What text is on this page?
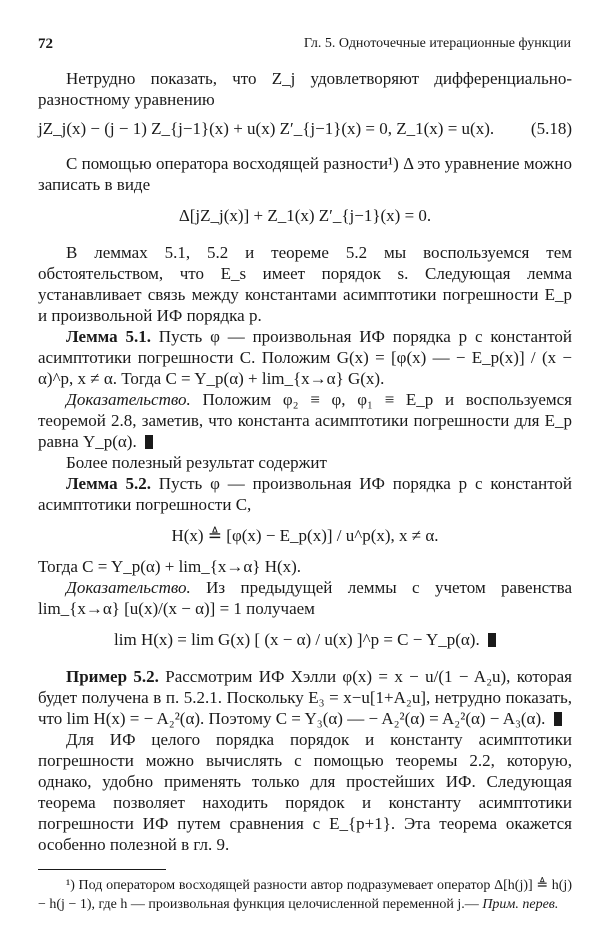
72	Гл. 5. Одноточечные итерационные функции

Нетрудно показать, что Z_j удовлетворяют дифференциально-разностному уравнению

jZ_j(x) − (j − 1) Z_{j−1}(x) + u(x) Z′_{j−1}(x) = 0, Z_1(x) = u(x). (5.18)

С помощью оператора восходящей разности¹) Δ это уравнение можно записать в виде

Δ[jZ_j(x)] + Z_1(x) Z′_{j−1}(x) = 0.

В леммах 5.1, 5.2 и теореме 5.2 мы воспользуемся тем обстоятельством, что E_s имеет порядок s. Следующая лемма устанавливает связь между константами асимптотики погрешности E_p и произвольной ИФ порядка p.

Лемма 5.1. Пусть φ — произвольная ИФ порядка p с константой асимптотики погрешности C. Положим G(x) = [φ(x) — − E_p(x)] / (x − α)^p, x ≠ α. Тогда C = Y_p(α) + lim_{x→α} G(x).

Доказательство. Положим φ₂ ≡ φ, φ₁ ≡ E_p и воспользуемся теоремой 2.8, заметив, что константа асимптотики погрешности для E_p равна Y_p(α).

Более полезный результат содержит

Лемма 5.2. Пусть φ — произвольная ИФ порядка p с константой асимптотики погрешности C,

H(x) ≜ [φ(x) − E_p(x)] / u^p(x), x ≠ α.

Тогда C = Y_p(α) + lim_{x→α} H(x).

Доказательство. Из предыдущей леммы с учетом равенства lim_{x→α} [u(x)/(x − α)] = 1 получаем

lim H(x) = lim G(x) [ (x − α) / u(x) ]^p = C − Y_p(α).

Пример 5.2. Рассмотрим ИФ Хэлли φ(x) = x − u/(1 − A₂u), которая будет получена в п. 5.2.1. Поскольку E₃ = x−u[1+A₂u], нетрудно показать, что lim H(x) = − A₂²(α). Поэтому C = Y₃(α) — − A₂²(α) = A₂²(α) − A₃(α).

Для ИФ целого порядка порядок и константу асимптотики погрешности можно вычислять с помощью теоремы 2.2, которую, однако, удобно применять только для простейших ИФ. Следующая теорема позволяет находить порядок и константу асимптотики погрешности ИФ путем сравнения с E_{p+1}. Эта теорема окажется особенно полезной в гл. 9.

¹) Под оператором восходящей разности автор подразумевает оператор Δ[h(j)] ≜ h(j) − h(j − 1), где h — произвольная функция целочисленной переменной j.— Прим. перев.
